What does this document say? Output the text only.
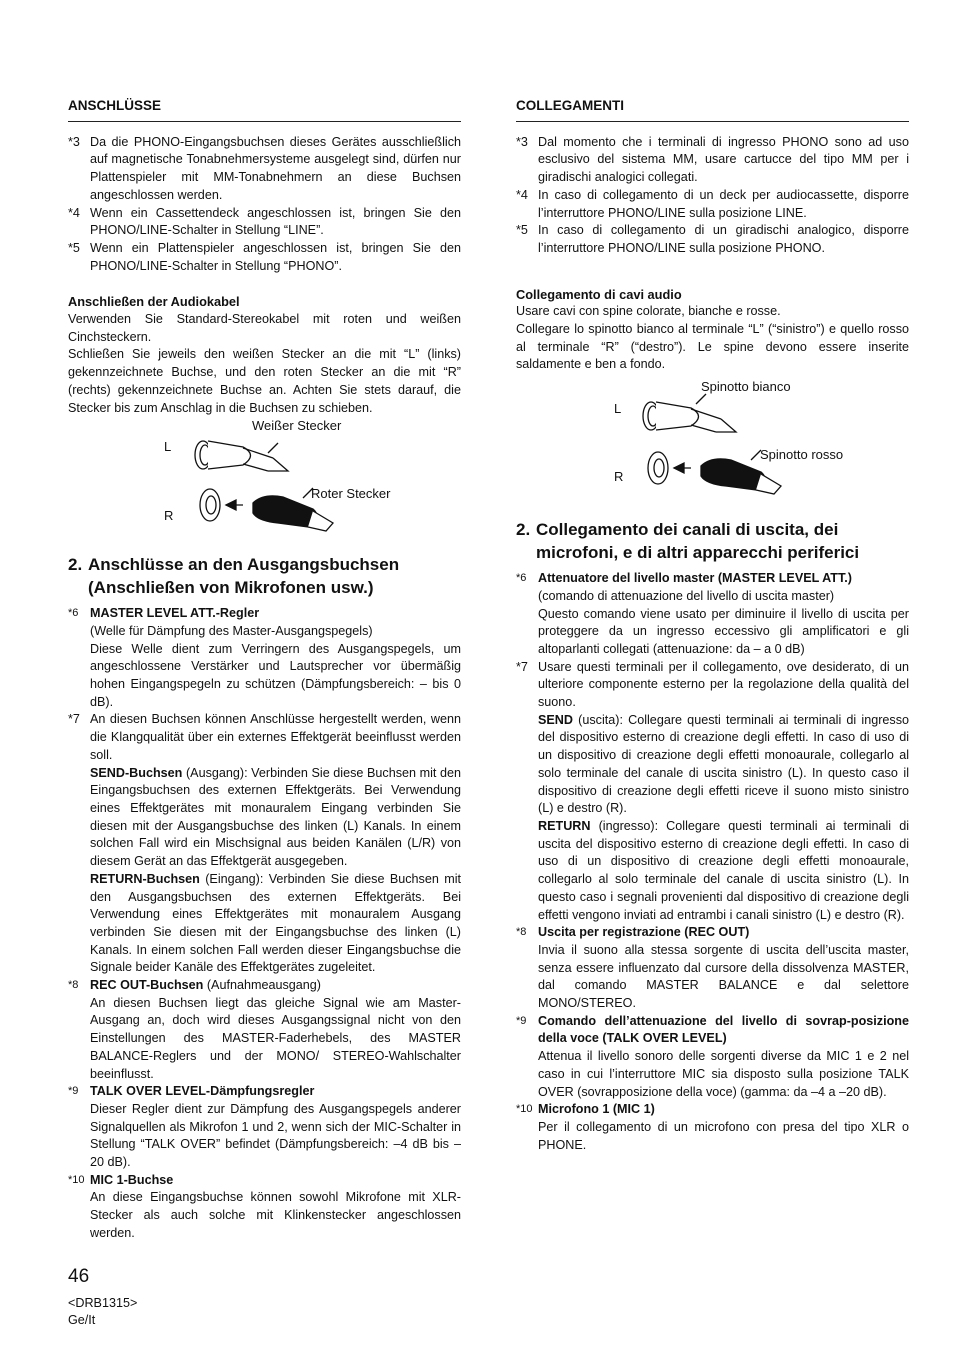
ANSCHLÜSSE
*3 Da die PHONO-Eingangsbuchsen dieses Gerätes ausschließlich auf magnetische Tonabnehmersysteme ausgelegt sind, dürfen nur Plattenspieler mit MM-Tonabnehmern an diese Buchsen angeschlossen werden.
*4 Wenn ein Cassettendeck angeschlossen ist, bringen Sie den PHONO/LINE-Schalter in Stellung “LINE”.
*5 Wenn ein Plattenspieler angeschlossen ist, bringen Sie den PHONO/LINE-Schalter in Stellung “PHONO”.
Anschließen der Audiokabel

Verwenden Sie Standard-Stereokabel mit roten und weißen Cinchsteckern.

Schließen Sie jeweils den weißen Stecker an die mit “L” (links) gekennzeichnete Buchse, und den roten Stecker an die mit “R” (rechts) gekennzeichnete Buchse an. Achten Sie stets darauf, die Stecker bis zum Anschlag in die Buchsen zu schieben.

L
R
Weißer Stecker
Roter Stecker
2. Anschlüsse an den Ausgangsbuchsen
(Anschließen von Mikrofonen usw.)
*6 MASTER LEVEL ATT.-Regler
(Welle für Dämpfung des Master-Ausgangspegels)
Diese Welle dient zum Verringern des Ausgangspegels, um angeschlossene Verstärker und Lautsprecher vor übermäßig hohen Eingangspegeln zu schützen (Dämpfungsbereich: – bis 0 dB).
*7 An diesen Buchsen können Anschlüsse hergestellt werden, wenn die Klangqualität über ein externes Effektgerät beeinflusst werden soll.
SEND-Buchsen (Ausgang): Verbinden Sie diese Buchsen mit den Eingangsbuchsen des externen Effektgeräts. Bei Verwendung eines Effektgerätes mit monauralem Eingang verbinden Sie diesen mit der Ausgangsbuchse des linken (L) Kanals. In einem solchen Fall wird ein Mischsignal aus beiden Kanälen (L/R) von diesem Gerät an das Effektgerät ausgegeben.
RETURN-Buchsen (Eingang): Verbinden Sie diese Buchsen mit den Ausgangsbuchsen des externen Effektgeräts. Bei Verwendung eines Effektgerätes mit monauralem Ausgang verbinden Sie diesen mit der Eingangsbuchse des linken (L) Kanals. In einem solchen Fall werden dieser Eingangsbuchse die Signale beider Kanäle des Effektgerätes zugeleitet.
*8 REC OUT-Buchsen (Aufnahmeausgang)
An diesen Buchsen liegt das gleiche Signal wie am Master-Ausgang an, doch wird dieses Ausgangssignal nicht von den Einstellungen des MASTER-Faderhebels, des MASTER BALANCE-Reglers und der MONO/ STEREO-Wahlschalter beeinflusst.
*9 TALK OVER LEVEL-Dämpfungsregler
Dieser Regler dient zur Dämpfung des Ausgangspegels anderer Signalquellen als Mikrofon 1 und 2, wenn sich der MIC-Schalter in Stellung “TALK OVER” befindet (Dämpfungsbereich: –4 dB bis –20 dB).
*10 MIC 1-Buchse
An diese Eingangsbuchse können sowohl Mikrofone mit XLR-Stecker als auch solche mit Klinkenstecker angeschlossen werden.
COLLEGAMENTI
*3 Dal momento che i terminali di ingresso PHONO sono ad uso esclusivo del sistema MM, usare cartucce del tipo MM per i giradischi analogici collegati.
*4 In caso di collegamento di un deck per audiocassette, disporre l’interruttore PHONO/LINE sulla posizione LINE.
*5 In caso di collegamento di un giradischi analogico, disporre l’interruttore PHONO/LINE sulla posizione PHONO.
Collegamento di cavi audio

Usare cavi con spine colorate, bianche e rosse.

Collegare lo spinotto bianco al terminale “L” (“sinistro”) e quello rosso al terminale “R” (“destro”). Le spine devono essere inserite saldamente e ben a fondo.

L
R
Spinotto bianco
Spinotto rosso
2. Collegamento dei canali di uscita, dei
microfoni, e di altri apparecchi periferici
*6 Attenuatore del livello master (MASTER LEVEL ATT.)
(comando di attenuazione del livello di uscita master)
Questo comando viene usato per diminuire il livello di uscita per proteggere da un ingresso eccessivo gli amplificatori e gli altoparlanti collegati (attenuazione: da – a 0 dB)
*7 Usare questi terminali per il collegamento, ove desiderato, di un ulteriore componente esterno per la regolazione della qualità del suono.
SEND (uscita): Collegare questi terminali ai terminali di ingresso del dispositivo esterno di creazione degli effetti. In caso di uso di un dispositivo di creazione degli effetti monoaurale, collegarlo al solo terminale del canale di uscita sinistro (L). In questo caso il dispositivo di creazione degli effetti riceve il suono misto sinistro (L) e destro (R).
RETURN (ingresso): Collegare questi terminali ai terminali di uscita del dispositivo esterno di creazione degli effetti. In caso di uso di un dispositivo di creazione degli effetti monoaurale, collegarlo al solo terminale del canale di uscita sinistro (L). In questo caso i segnali provenienti dal dispositivo di creazione degli effetti vengono inviati ad entrambi i canali sinistro (L) e destro (R).
*8 Uscita per registrazione (REC OUT)
Invia il suono alla stessa sorgente di uscita dell’uscita master, senza essere influenzato dal cursore della dissolvenza MASTER, dal comando MASTER BALANCE e dal selettore MONO/STEREO.
*9 Comando dell’attenuazione del livello di sovrap-posizione della voce (TALK OVER LEVEL)
Attenua il livello sonoro delle sorgenti diverse da MIC 1 e 2 nel caso in cui l’interruttore MIC sia disposto sulla posizione TALK OVER (sovrapposizione della voce) (gamma: da –4 a –20 dB).
*10 Microfono 1 (MIC 1)
Per il collegamento di un microfono con presa del tipo XLR o PHONE.
46
<DRB1315>
Ge/It
